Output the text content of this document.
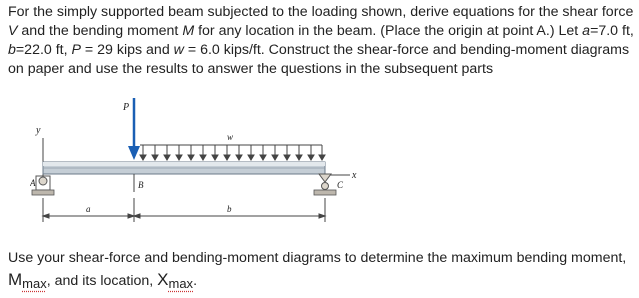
For the simply supported beam subjected to the loading shown, derive equations for the shear force V and the bending moment M for any location in the beam. (Place the origin at point A.) Let a=7.0 ft, b=22.0 ft, P = 29 kips and w = 6.0 kips/ft. Construct the shear-force and bending-moment diagrams on paper and use the results to answer the questions in the subsequent parts

y
x
w
P
A	C
B
a	b

Use your shear-force and bending-moment diagrams to determine the maximum bending moment, Mmax, and its location, Xmax.
